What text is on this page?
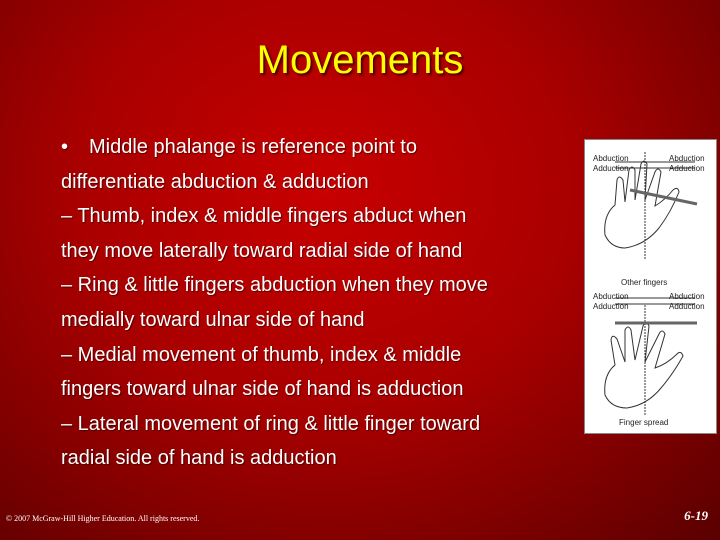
Movements
• Middle phalange is reference point to
differentiate abduction & adduction
– Thumb, index & middle fingers abduct when
they move laterally toward radial side of hand
– Ring & little fingers abduction when they move
medially toward ulnar side of hand
– Medial movement of thumb, index & middle
fingers toward ulnar side of hand is adduction
– Lateral movement of ring & little finger toward
radial side of hand is adduction
Abduction
Adduction
Abduction
Adduction
Other fingers
Abduction
Adduction
Abduction
Adduction
Finger spread
© 2007 McGraw-Hill Higher Education. All rights reserved.	6-19
